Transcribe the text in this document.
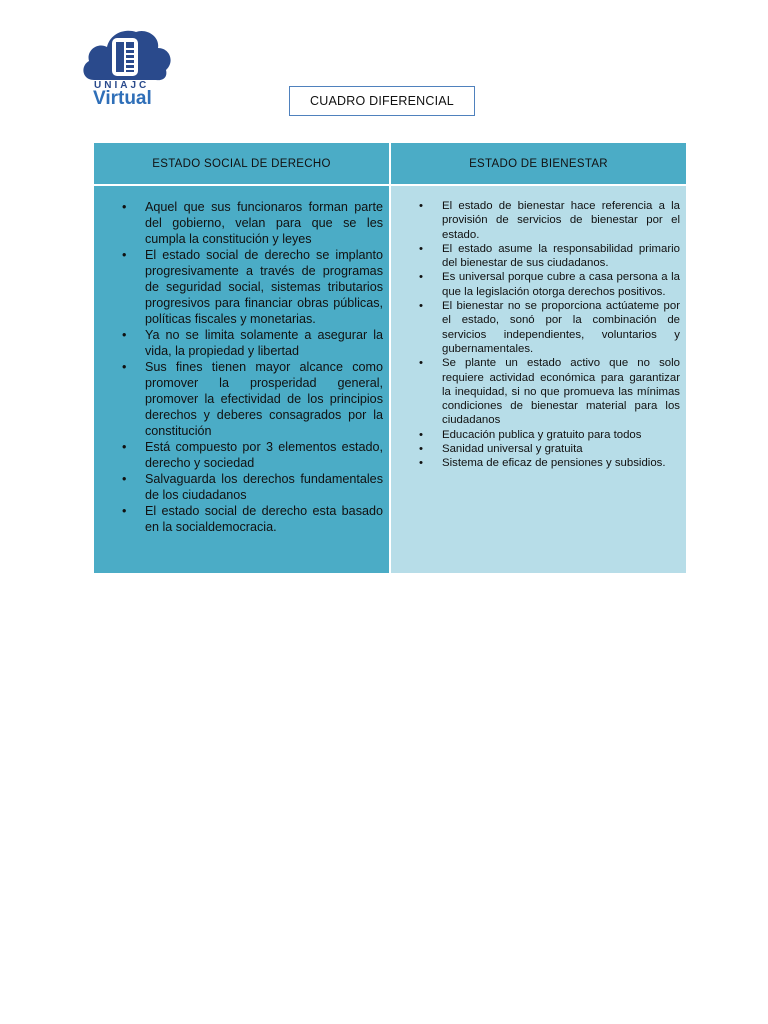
UNIAJC
Virtual	CUADRO DIFERENCIAL
ESTADO SOCIAL DE DERECHO	ESTADO DE BIENESTAR
• Aquel que sus funcionaros forman parte del gobierno, velan para que se les cumpla la constitución y leyes
• El estado social de derecho se implanto progresivamente a través de programas de seguridad social, sistemas tributarios progresivos para financiar obras públicas, políticas fiscales y monetarias.
• Ya no se limita solamente a asegurar la vida, la propiedad y libertad
• Sus fines tienen mayor alcance como promover la prosperidad general, promover la efectividad de los principios derechos y deberes consagrados por la constitución
• Está compuesto por 3 elementos estado, derecho y sociedad
• Salvaguarda los derechos fundamentales de los ciudadanos
• El estado social de derecho esta basado en la socialdemocracia.
• El estado de bienestar hace referencia a la provisión de servicios de bienestar por el estado.
• El estado asume la responsabilidad primario del bienestar de sus ciudadanos.
• Es universal porque cubre a casa persona a la que la legislación otorga derechos positivos.
• El bienestar no se proporciona actúateme por el estado, sonó por la combinación de servicios independientes, voluntarios y gubernamentales.
• Se plante un estado activo que no solo requiere actividad económica para garantizar la inequidad, si no que promueva las mínimas condiciones de bienestar material para los ciudadanos
• Educación publica y gratuito para todos
• Sanidad universal y gratuita
• Sistema de eficaz de pensiones y subsidios.
